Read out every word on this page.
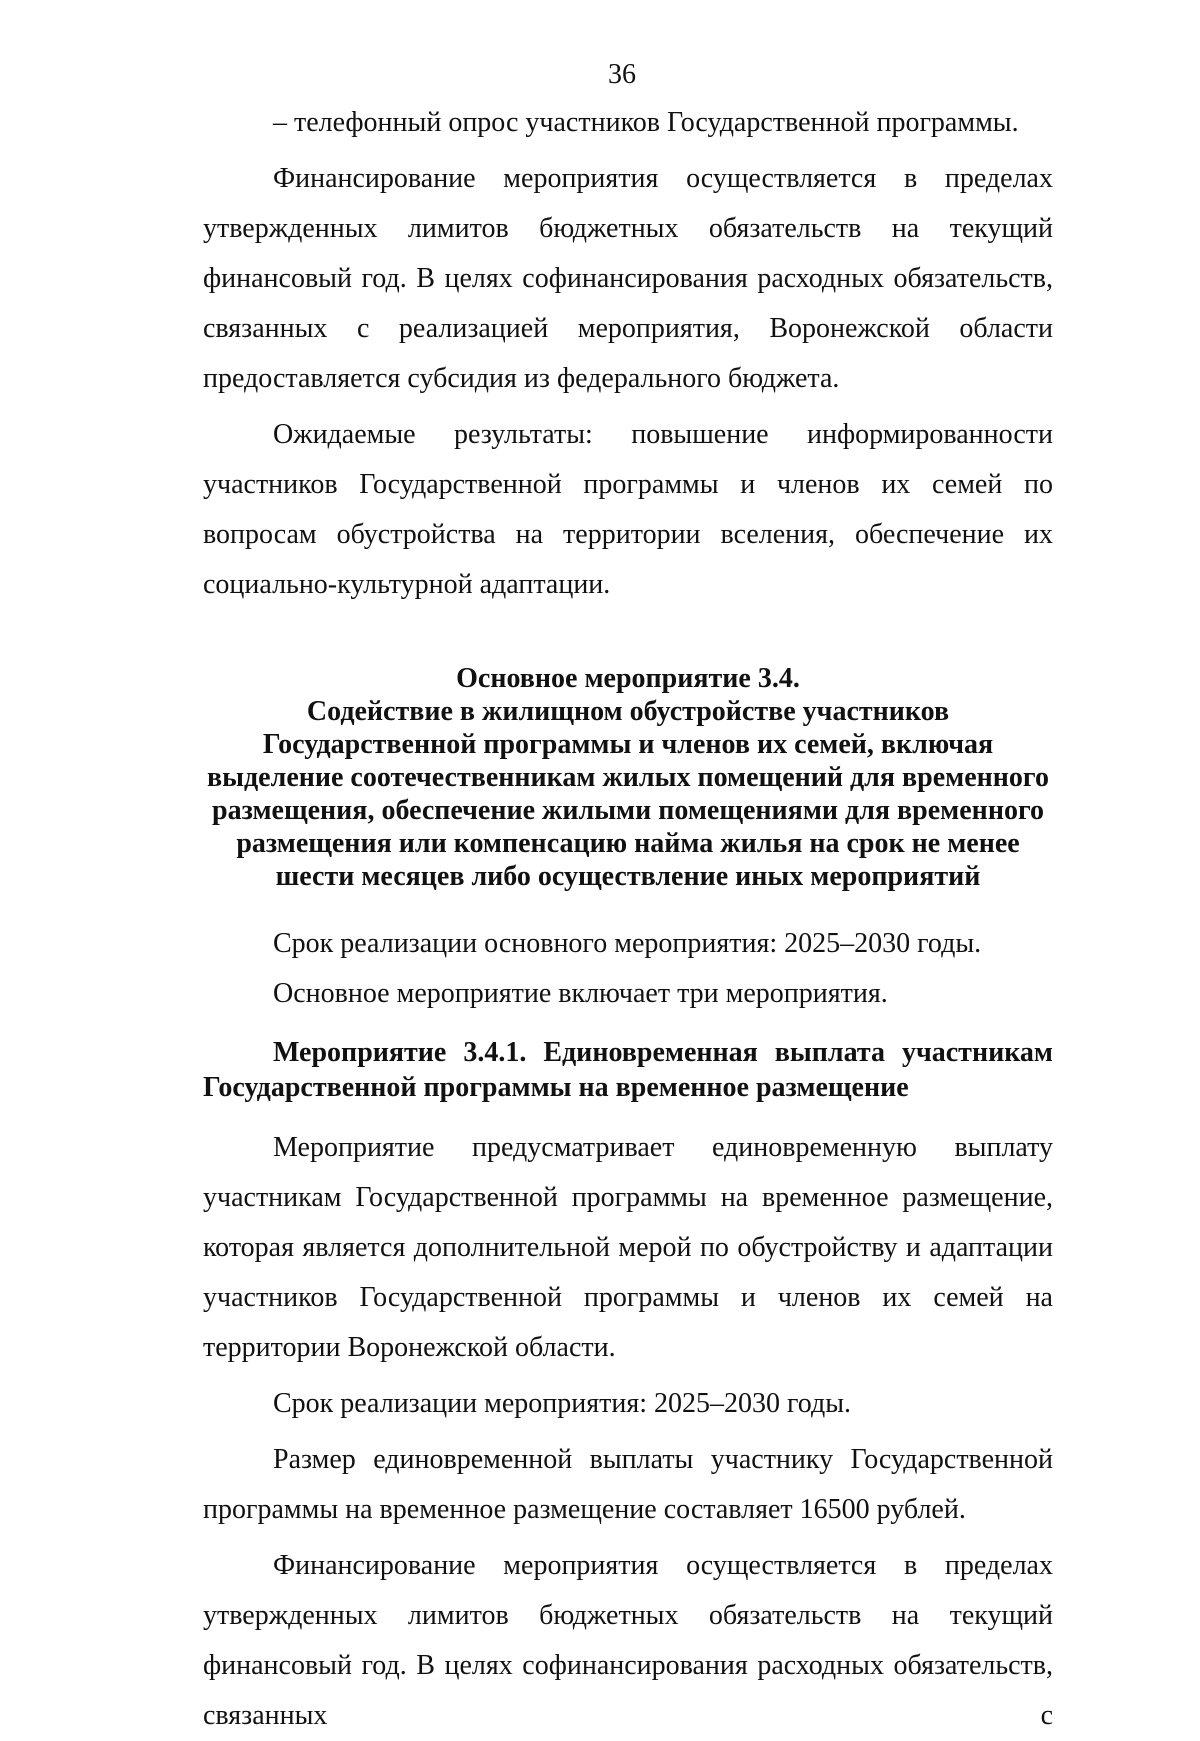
36

– телефонный опрос участников Государственной программы.

Финансирование мероприятия осуществляется в пределах утвержденных лимитов бюджетных обязательств на текущий финансовый год. В целях софинансирования расходных обязательств, связанных с реализацией мероприятия, Воронежской области предоставляется субсидия из федерального бюджета.

Ожидаемые результаты: повышение информированности участников Государственной программы и членов их семей по вопросам обустройства на территории вселения, обеспечение их социально-культурной адаптации.

Основное мероприятие 3.4.
Содействие в жилищном обустройстве участников
Государственной программы и членов их семей, включая
выделение соотечественникам жилых помещений для временного
размещения, обеспечение жилыми помещениями для временного
размещения или компенсацию найма жилья на срок не менее
шести месяцев либо осуществление иных мероприятий

Срок реализации основного мероприятия: 2025–2030 годы.

Основное мероприятие включает три мероприятия.

Мероприятие 3.4.1. Единовременная выплата участникам Государственной программы на временное размещение

Мероприятие предусматривает единовременную выплату участникам Государственной программы на временное размещение, которая является дополнительной мерой по обустройству и адаптации участников Государственной программы и членов их семей на территории Воронежской области.

Срок реализации мероприятия: 2025–2030 годы.

Размер единовременной выплаты участнику Государственной программы на временное размещение составляет 16500 рублей.

Финансирование мероприятия осуществляется в пределах утвержденных лимитов бюджетных обязательств на текущий финансовый год. В целях софинансирования расходных обязательств, связанных с
